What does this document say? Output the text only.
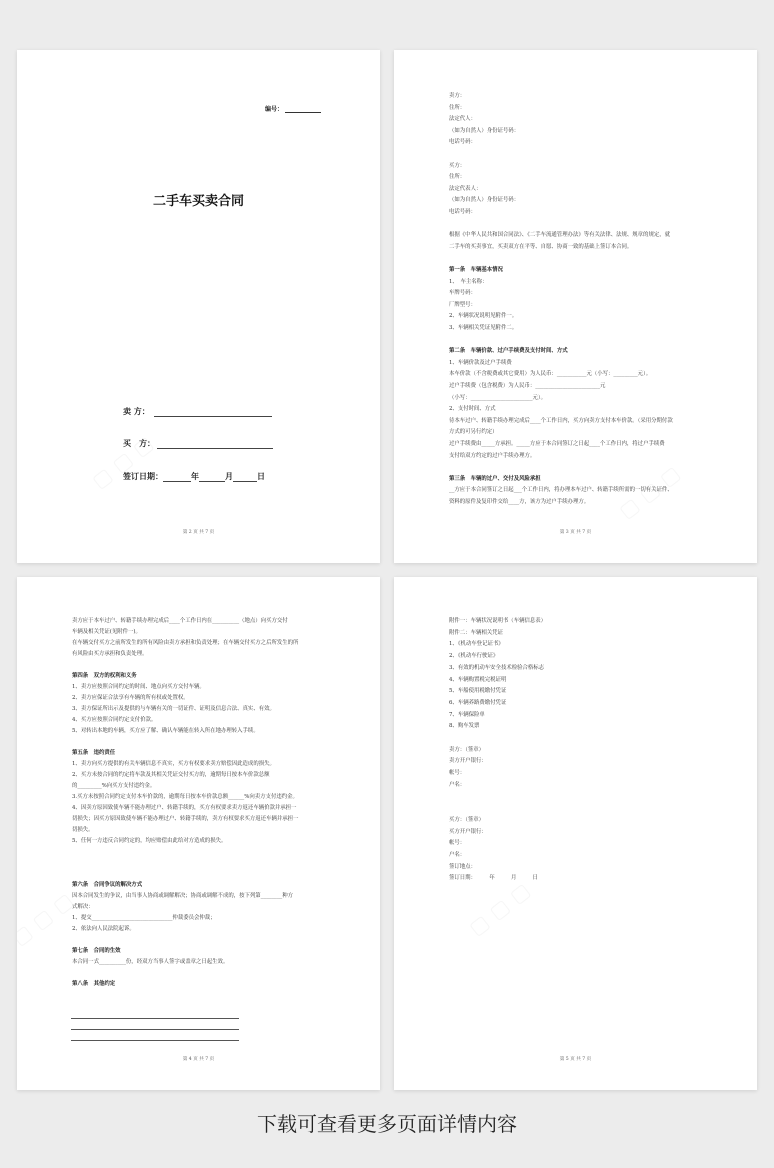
编号：
二手车买卖合同
卖 方：
买　方：
签订日期：	年	月	日
第 2 页 共 7 页
卖方：
住所：
法定代人：
（如为自然人）身份证号码：
电话号码：
买方：
住所：
法定代表人：
（如为自然人）身份证号码：
电话号码：
根据《中华人民共和国合同法》、《二手车流通管理办法》等有关法律、法规、规章的规定，就
二手车的买卖事宜，买卖双方在平等、自愿、协商一致的基础上签订本合同。
第一条　车辆基本情况
1、　车主名称：
车牌号码：
厂牌型号：
2、车辆状况说明见附件一。
3、车辆相关凭证见附件二。
第二条　车辆价款、过户手续费及支付时间、方式
1、车辆价款及过户手续费
本车价款（不含税费或其它费用）为人民币：___________元（小写：_________元）。
过户手续费（包含税费）为人民币：________________________元
（小写：_______________________元）。
2、支付时间、方式
待本车过户、转籍手续办理完成后____个工作日内，买方向卖方支付本车价款。（采用分期付款
方式的可另行约定）
过户手续费由_____方承担。_____方应于本合同签订之日起____个工作日内，将过户手续费
支付给双方约定的过户手续办理方。
第三条　车辆的过户、交付及风险承担
__方应于本合同签订之日起___个工作日内，将办理本车过户、转籍手续所需的一切有关证件、
资料的原件及复印件交给____方，该方为过户手续办理方。
第 3 页 共 7 页
卖方应于本车过户、转籍手续办理完成后____个工作日内在__________（地点）向买方交付
车辆及相关凭证(见附件一)。
在车辆交付买方之前所发生的所有风险由卖方承担和负责处理；在车辆交付买方之后所发生的所
有风险由买方承担和负责处理。
第四条　双方的权利和义务
1、卖方应按照合同约定的时间、地点向买方交付车辆。
2、卖方应保证合法享有车辆的所有权或处置权。
3、卖方保证所出示及提供的与车辆有关的一切证件、证明及信息合法、真实、有效。
4、买方应按照合同约定支付价款。
5、对转出本地的车辆，买方应了解、确认车辆能在转入所在地办理转入手续。
第五条　违约责任
1、卖方向买方提供的有关车辆信息不真实，买方有权要求卖方赔偿因此造成的损失。
2、买方未按合同的约定将车款及其相关凭证交付买方的，逾期每日按本车价款总额
的_________%向买方支付违约金。
3.买方未按照合同约定支付本车价款的，逾期每日按本车价款总额______%向卖方支付违约金。
4、因卖方原因致使车辆不能办理过户、转籍手续的，买方有权要求卖方返还车辆价款并承担一
切损失；因买方原因致使车辆不能办理过户、转籍手续的，卖方有权要求买方返还车辆并承担一
切损失。
5、任何一方违反合同约定的，均应赔偿由此给对方造成的损失。
第六条　合同争议的解决方式
因本合同发生的争议，由当事人协商或调解解决；协商或调解不成的，按下列第________种方
式解决：
1、提交______________________________仲裁委员会仲裁；
2、依法向人民法院起诉。
第七条　合同的生效
本合同一式__________份，经双方当事人签字或盖章之日起生效。
第八条　其他约定
第 4 页 共 7 页
附件一：车辆状况说明书（车辆信息表）
附件二：车辆相关凭证
1、《机动车登记证书》
2、《机动车行驶证》
3、有效的机动车安全技术检验合格标志
4、车辆购置税完税证明
5、车船使用税缴付凭证
6、车辆养路费缴付凭证
7、车辆保险单
8、购车发票
卖方：（签章）
卖方开户银行：
帐号：
户名：
买方：（签章）
买方开户银行：
帐号：
户名：
签订地点：
签订日期：　　　年　　　月　　　日
第 5 页 共 7 页
下载可查看更多页面详情内容
